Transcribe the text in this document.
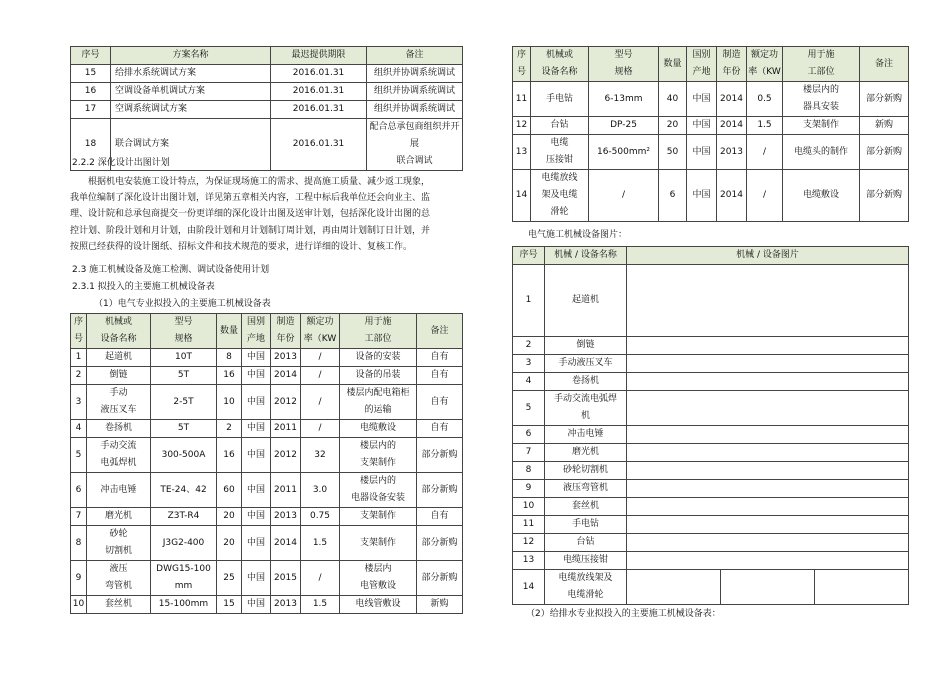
序号	方案名称	最迟提供期限	备注
15	给排水系统调试方案	2016.01.31	组织并协调系统调试
16	空调设备单机调试方案	2016.01.31	组织并协调系统调试
17	空调系统调试方案	2016.01.31	组织并协调系统调试
18	联合调试方案	2016.01.31	配合总承包商组织并开展
联合调试
2.2.2 深化设计出图计划
根据机电安装施工设计特点，为保证现场施工的需求、提高施工质量、减少返工现象，
我单位编制了深化设计出图计划，详见第五章相关内容，工程中标后我单位还会向业主、监
理、设计院和总承包商提交一份更详细的深化设计出图及送审计划，包括深化设计出图的总
控计划、阶段计划和月计划，由阶段计划和月计划制订周计划，再由周计划制订日计划，并
按照已经获得的设计图纸、招标文件和技术规范的要求，进行详细的设计、复核工作。
2.3 施工机械设备及施工检测、调试设备使用计划
2.3.1 拟投入的主要施工机械设备表
（1）电气专业拟投入的主要施工机械设备表
序
号	机械或
设备名称	型号
规格	数量	国别
产地	制造
年份	额定功
率（KW	用于施
工部位	备注

1	起道机	10T	8	中国	2013	/	设备的安装	自有

2	倒链	5T	16	中国	2014	/	设备的吊装	自有

3	手动
液压叉车	2-5T	10	中国	2012	/	楼层内配电箱柜
的运输	自有

4	卷扬机	5T	2	中国	2011	/	电缆敷设	自有

5	手动交流
电弧焊机	300-500A	16	中国	2012	32	楼层内的
支架制作	部分新购

6	冲击电锤	TE-24、42	60	中国	2011	3.0	楼层内的
电器设备安装	部分新购

7	磨光机	Z3T-R4	20	中国	2013	0.75	支架制作	自有

8	砂轮
切割机	J3G2-400	20	中国	2014	1.5	支架制作	部分新购

9	液压
弯管机	DWG15-100mm	25	中国	2015	/	楼层内
电管敷设	部分新购

10	套丝机	15-100mm	15	中国	2013	1.5	电线管敷设	新购
序
号	机械或
设备名称	型号
规格	数量	国别
产地	制造
年份	额定功
率（KW	用于施
工部位	备注

11	手电钻	6-13mm	40	中国	2014	0.5	楼层内的
器具安装	部分新购

12	台钻	DP-25	20	中国	2014	1.5	支架制作	新购

13	电缆
压接钳	16-500mm²	50	中国	2013	/	电缆头的制作	部分新购

14	电缆放线
架及电缆
滑轮	/	6	中国	2014	/	电缆敷设	部分新购
电气施工机械设备图片：
序号	机械 / 设备名称	机械 / 设备图片		

1	起道机			

2	倒链			

3	手动液压叉车			

4	卷扬机			

5	手动交流电弧焊
机			

6	冲击电锤			

7	磨光机			

8	砂轮切割机			

9	液压弯管机			

10	套丝机			

11	手电钻			

12	台钻			

13	电缆压接钳			

14	电缆放线架及
电缆滑轮			

（2）给排水专业拟投入的主要施工机械设备表：
